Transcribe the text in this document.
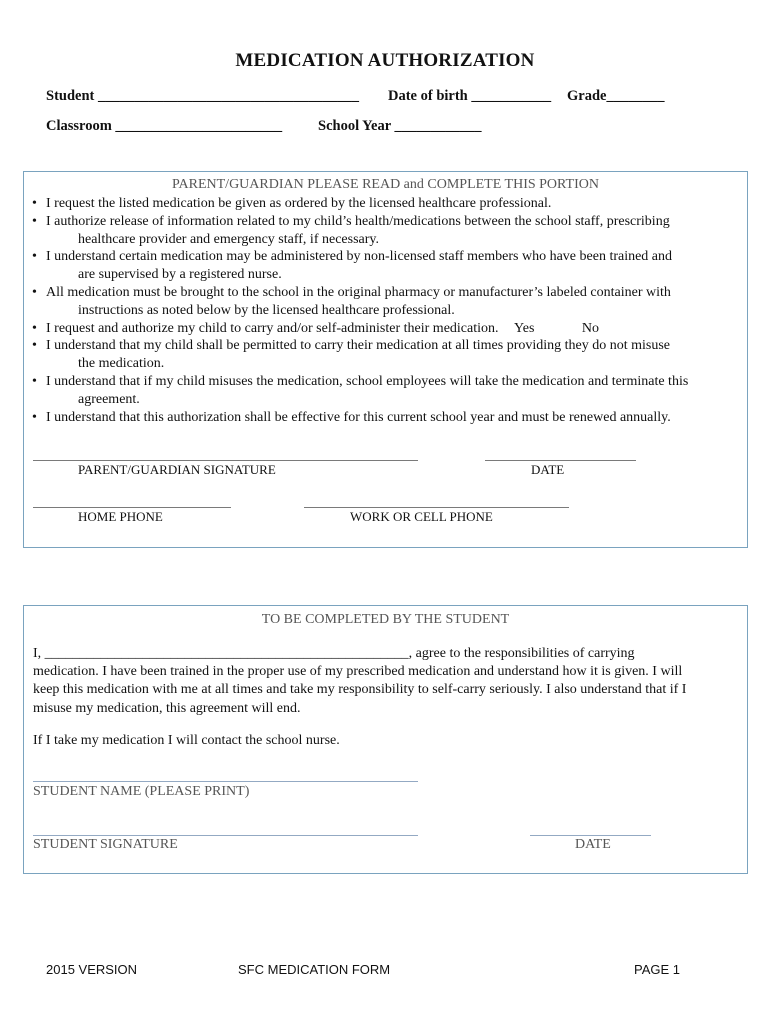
MEDICATION AUTHORIZATION
Student ____________________________________ Date of birth ___________ Grade________
Classroom _______________________ School Year ____________
PARENT/GUARDIAN PLEASE READ and COMPLETE THIS PORTION
• I request the listed medication be given as ordered by the licensed healthcare professional.
• I authorize release of information related to my child’s health/medications between the school staff, prescribing
healthcare provider and emergency staff, if necessary.
• I understand certain medication may be administered by non-licensed staff members who have been trained and
are supervised by a registered nurse.
• All medication must be brought to the school in the original pharmacy or manufacturer’s labeled container with
instructions as noted below by the licensed healthcare professional.
• I request and authorize my child to carry and/or self-administer their medication. Yes	No
• I understand that my child shall be permitted to carry their medication at all times providing they do not misuse
the medication.
• I understand that if my child misuses the medication, school employees will take the medication and terminate this
agreement.
• I understand that this authorization shall be effective for this current school year and must be renewed annually.
PARENT/GUARDIAN SIGNATURE	DATE
HOME PHONE	WORK OR CELL PHONE
TO BE COMPLETED BY THE STUDENT
I, ____________________________________________________, agree to the responsibilities of carrying
medication. I have been trained in the proper use of my prescribed medication and understand how it is given. I will
keep this medication with me at all times and take my responsibility to self-carry seriously. I also understand that if I
misuse my medication, this agreement will end.
If I take my medication I will contact the school nurse.
STUDENT NAME (PLEASE PRINT)
STUDENT SIGNATURE	DATE
2015 VERSION	SFC MEDICATION FORM	PAGE 1
